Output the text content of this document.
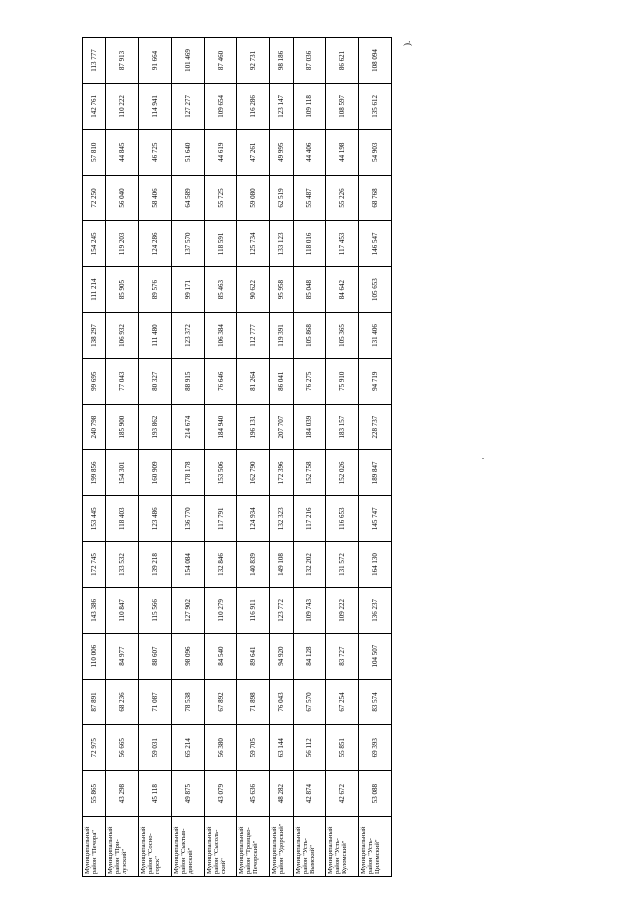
Муниципальный район "Печора"	55 865	72 975	87 891	110 006	143 386	172 745	153 445	199 856	240 798	99 695	138 297	111 214	154 245	72 250	57 810	142 761	113 777
Муниципальный район "При-лузский"	43 298	56 665	68 236	84 977	110 847	133 532	118 403	154 301	185 900	77 043	106 932	85 905	119 203	56 040	44 845	110 222	87 913
Муниципальный район "Сосно-горск"	45 118	59 031	71 087	88 607	115 566	139 218	123 486	160 909	193 862	80 327	111 480	89 576	124 286	58 406	46 725	114 941	91 664
Муниципальный район "Сыктыв-динский"	49 875	65 214	78 538	98 096	127 902	154 084	136 770	178 178	214 674	88 915	123 372	99 171	137 570	64 589	51 640	127 277	101 469
Муниципальный район "Сысоль-ский"	43 079	56 380	67 892	84 540	110 279	132 846	117 791	153 506	184 940	76 646	106 384	85 463	118 591	55 725	44 619	109 654	87 460
Муниципальный район "Троицко-Печорский"	45 636	59 705	71 898	89 641	116 911	140 839	124 934	162 790	196 131	81 264	112 777	90 622	125 734	59 080	47 261	116 286	92 731
Муниципальный район "Удорский"	48 282	63 144	76 043	94 920	123 772	149 108	132 323	172 396	207 707	86 041	119 391	95 958	133 123	62 519	49 995	123 147	98 186
Муниципальный район "Усть-Вымский"	42 874	56 112	67 570	84 128	109 743	132 202	117 216	152 758	184 039	76 275	105 868	85 048	118 016	55 487	44 406	109 118	87 036
Муниципальный район "Усть-Куломский"	42 672	55 851	67 254	83 727	109 222	131 572	116 653	152 026	183 157	75 910	105 365	84 642	117 453	55 226	44 198	108 597	86 621
Муниципальный район "Усть-Цилемский"	53 088	69 393	83 574	104 507	136 237	164 130	145 747	189 847	228 737	94 719	131 406	105 653	146 547	68 768	54 903	135 612	108 094
).
